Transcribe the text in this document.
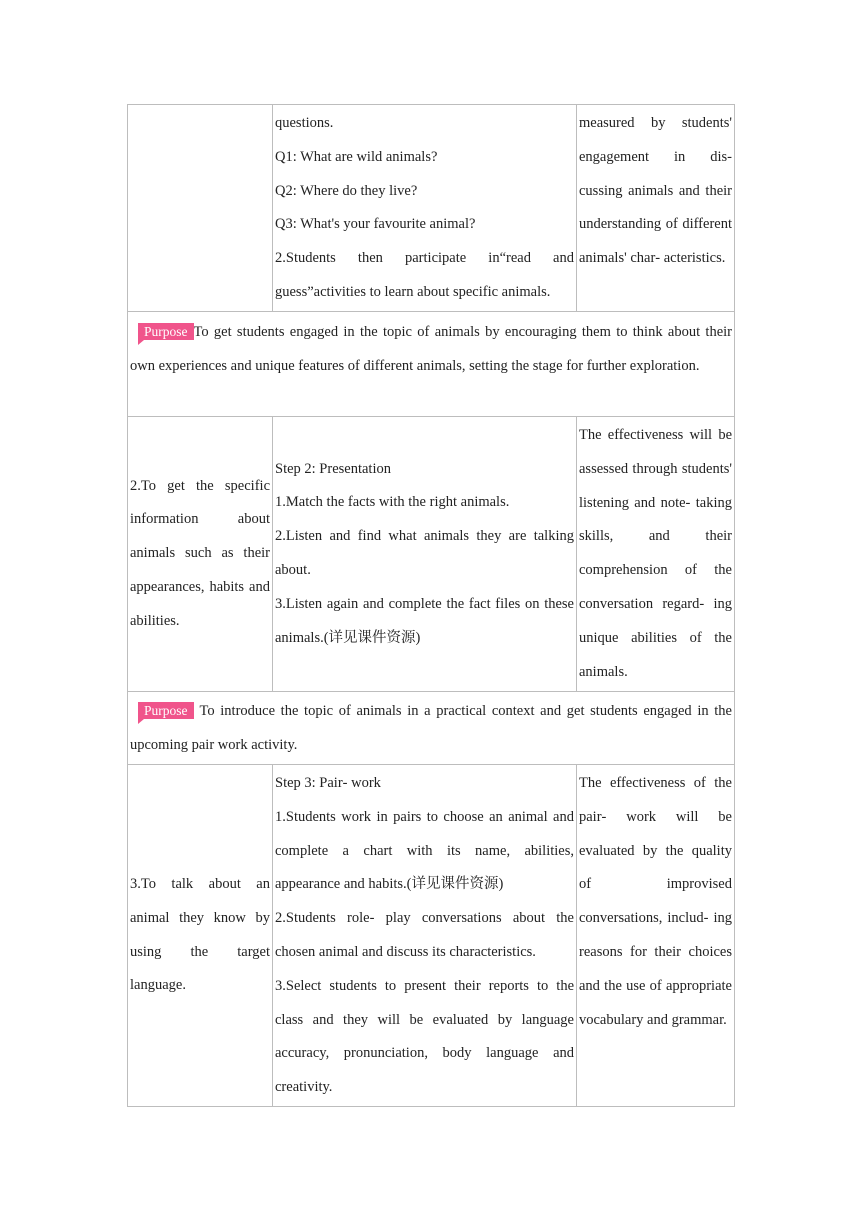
questions.

Q1: What are wild animals?

Q2: Where do they live?

Q3: What's your favourite animal?

2.Students then participate in“read and guess”activities to learn about specific animals.

measured by students' engagement in dis‐ cussing animals and their understanding of different animals' char‐ acteristics.

Purpose To get students engaged in the topic of animals by encouraging them to think about their own experiences and unique features of different animals, setting the stage for further exploration.

2.To get the specific information about animals such as their appearances, habits and abilities.

Step 2: Presentation

1.Match the facts with the right animals.

2.Listen and find what animals they are talking about.

3.Listen again and complete the fact files on these animals.(详见课件资源)

The effectiveness will be assessed through students' listening and note‐ taking skills, and their comprehension of the conversation regard‐ ing unique abilities of the animals.

Purpose To introduce the topic of animals in a practical context and get students engaged in the upcoming pair work activity.

3.To talk about an animal they know by using the target language.

Step 3: Pair‐ work

1.Students work in pairs to choose an animal and complete a chart with its name, abilities, appearance and habits.(详见课件资源)

2.Students role‐ play conversations about the chosen animal and discuss its characteristics.

3.Select students to present their reports to the class and they will be evaluated by language accuracy, pronunciation, body language and creativity.

The effectiveness of the pair‐ work will be evaluated by the quality of improvised conversations, includ‐ ing reasons for their choices and the use of appropriate vocabulary and grammar.
